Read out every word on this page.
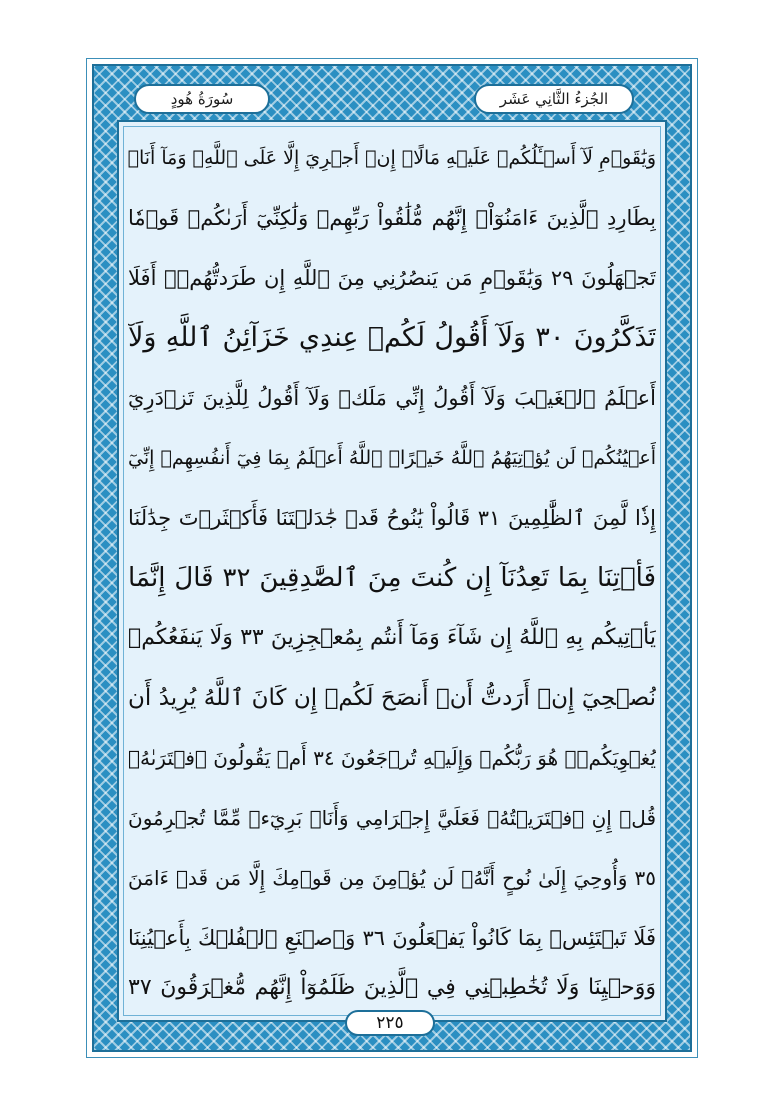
الجُزءُ الثَّانِي عَشَر
سُورَةُ هُودٍ
وَيَٰقَوۡمِ لَآ أَسۡـَٔلُكُمۡ عَلَيۡهِ مَالًاۖ إِنۡ أَجۡرِيَ إِلَّا عَلَى ٱللَّهِۚ وَمَآ أَنَا۠
بِطَارِدِ ٱلَّذِينَ ءَامَنُوٓاْۚ إِنَّهُم مُّلَٰقُواْ رَبِّهِمۡ وَلَٰكِنِّيٓ أَرَىٰكُمۡ قَوۡمٗا
تَجۡهَلُونَ ٢٩ وَيَٰقَوۡمِ مَن يَنصُرُنِي مِنَ ٱللَّهِ إِن طَرَدتُّهُمۡۚ أَفَلَا
تَذَكَّرُونَ ٣٠ وَلَآ أَقُولُ لَكُمۡ عِندِي خَزَآئِنُ ٱللَّهِ وَلَآ
أَعۡلَمُ ٱلۡغَيۡبَ وَلَآ أَقُولُ إِنِّي مَلَكٞ وَلَآ أَقُولُ لِلَّذِينَ تَزۡدَرِيٓ
أَعۡيُنُكُمۡ لَن يُؤۡتِيَهُمُ ٱللَّهُ خَيۡرًاۖ ٱللَّهُ أَعۡلَمُ بِمَا فِيٓ أَنفُسِهِمۡ إِنِّيٓ
إِذٗا لَّمِنَ ٱلظَّٰلِمِينَ ٣١ قَالُواْ يَٰنُوحُ قَدۡ جَٰدَلۡتَنَا فَأَكۡثَرۡتَ جِدَٰلَنَا
فَأۡتِنَا بِمَا تَعِدُنَآ إِن كُنتَ مِنَ ٱلصَّٰدِقِينَ ٣٢ قَالَ إِنَّمَا
يَأۡتِيكُم بِهِ ٱللَّهُ إِن شَآءَ وَمَآ أَنتُم بِمُعۡجِزِينَ ٣٣ وَلَا يَنفَعُكُمۡ
نُصۡحِيٓ إِنۡ أَرَدتُّ أَنۡ أَنصَحَ لَكُمۡ إِن كَانَ ٱللَّهُ يُرِيدُ أَن
يُغۡوِيَكُمۡۚ هُوَ رَبُّكُمۡ وَإِلَيۡهِ تُرۡجَعُونَ ٣٤ أَمۡ يَقُولُونَ ٱفۡتَرَىٰهُۖ
قُلۡ إِنِ ٱفۡتَرَيۡتُهُۥ فَعَلَيَّ إِجۡرَامِي وَأَنَا۠ بَرِيٓءٞ مِّمَّا تُجۡرِمُونَ
٣٥ وَأُوحِيَ إِلَىٰ نُوحٍ أَنَّهُۥ لَن يُؤۡمِنَ مِن قَوۡمِكَ إِلَّا مَن قَدۡ ءَامَنَ
فَلَا تَبۡتَئِسۡ بِمَا كَانُواْ يَفۡعَلُونَ ٣٦ وَٱصۡنَعِ ٱلۡفُلۡكَ بِأَعۡيُنِنَا
وَوَحۡيِنَا وَلَا تُخَٰطِبۡنِي فِي ٱلَّذِينَ ظَلَمُوٓاْ إِنَّهُم مُّغۡرَقُونَ ٣٧
٢٢٥
